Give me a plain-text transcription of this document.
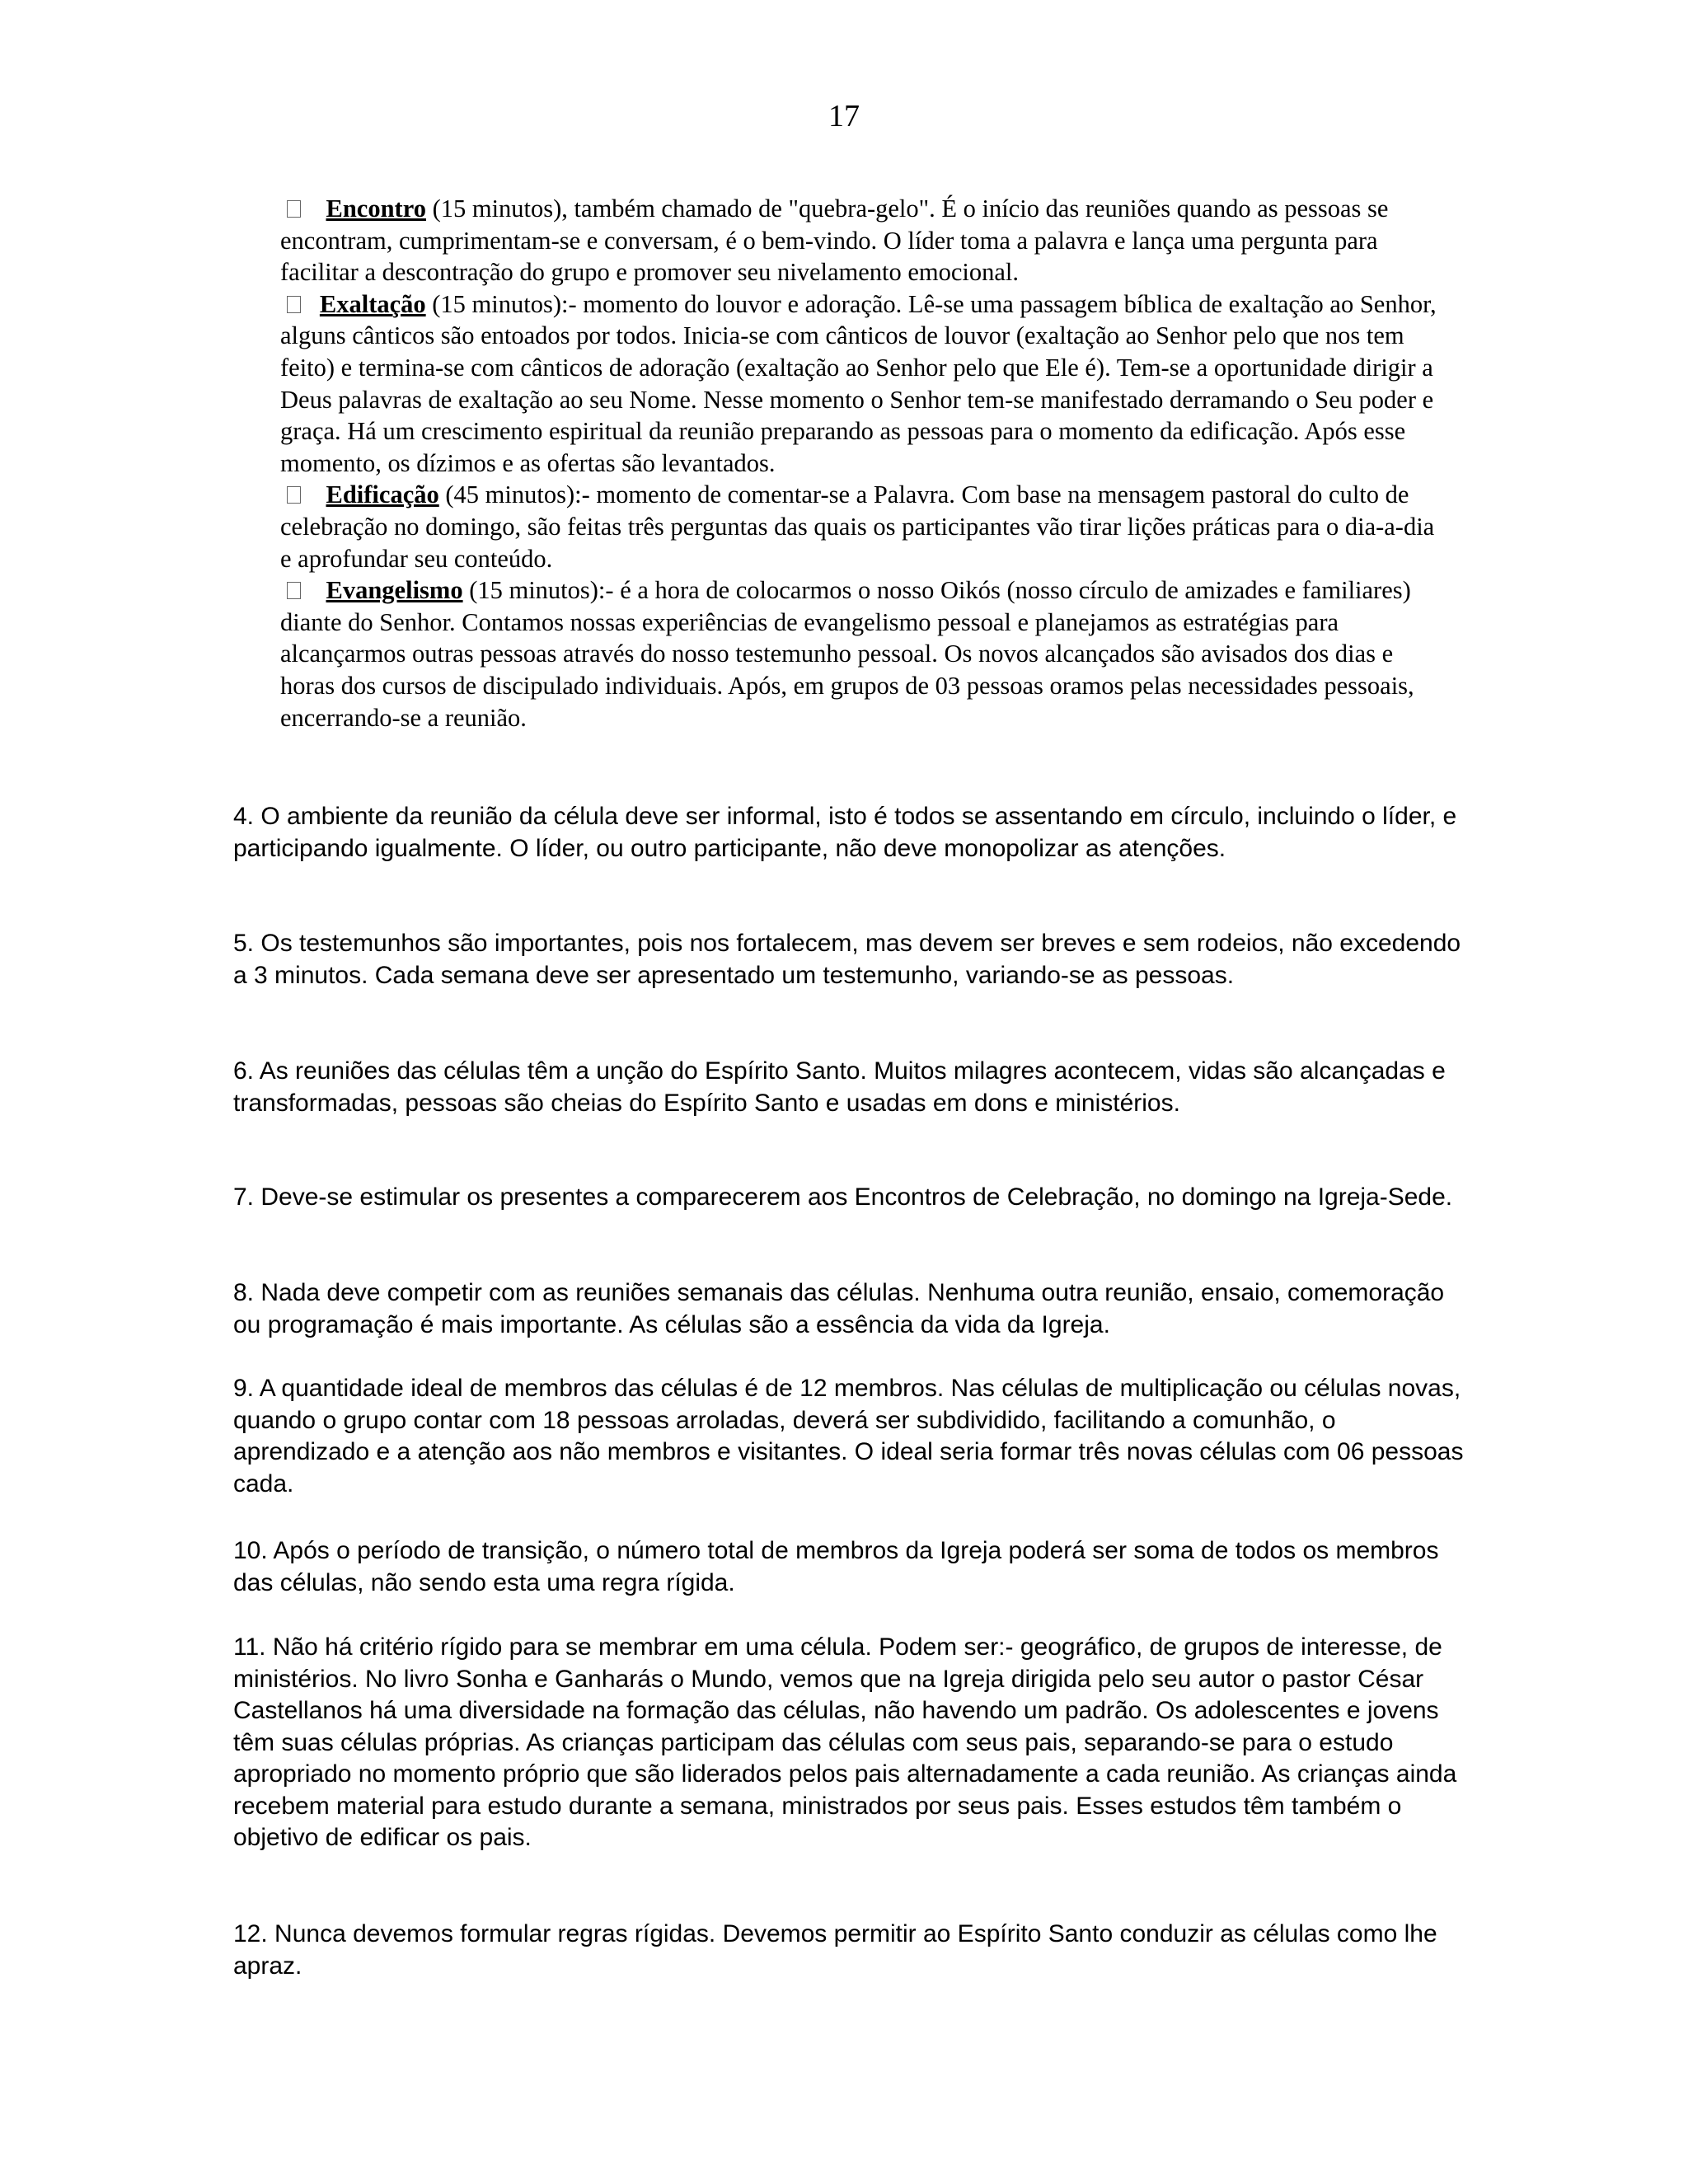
17

Encontro (15 minutos), também chamado de "quebra-gelo". É o início das reuniões quando as pessoas se encontram, cumprimentam-se e conversam, é o bem-vindo. O líder toma a palavra e lança uma pergunta para facilitar a descontração do grupo e promover seu nivelamento emocional.

Exaltação (15 minutos):- momento do louvor e adoração. Lê-se uma passagem bíblica de exaltação ao Senhor, alguns cânticos são entoados por todos. Inicia-se com cânticos de louvor (exaltação ao Senhor pelo que nos tem feito) e termina-se com cânticos de adoração (exaltação ao Senhor pelo que Ele é). Tem-se a oportunidade dirigir a Deus palavras de exaltação ao seu Nome. Nesse momento o Senhor tem-se manifestado derramando o Seu poder e graça. Há um crescimento espiritual da reunião preparando as pessoas para o momento da edificação. Após esse momento, os dízimos e as ofertas são levantados.

Edificação (45 minutos):- momento de comentar-se a Palavra. Com base na mensagem pastoral do culto de celebração no domingo, são feitas três perguntas das quais os participantes vão tirar lições práticas para o dia-a-dia e aprofundar seu conteúdo.

Evangelismo (15 minutos):- é a hora de colocarmos o nosso Oikós (nosso círculo de amizades e familiares) diante do Senhor. Contamos nossas experiências de evangelismo pessoal e planejamos as estratégias para alcançarmos outras pessoas através do nosso testemunho pessoal. Os novos alcançados são avisados dos dias e horas dos cursos de discipulado individuais. Após, em grupos de 03 pessoas oramos pelas necessidades pessoais, encerrando-se a reunião.

4. O ambiente da reunião da célula deve ser informal, isto é todos se assentando em círculo, incluindo o líder, e participando igualmente. O líder, ou outro participante, não deve monopolizar as atenções.

5. Os testemunhos são importantes, pois nos fortalecem, mas devem ser breves e sem rodeios, não excedendo a 3 minutos. Cada semana deve ser apresentado um testemunho, variando-se as pessoas.

6. As reuniões das células têm a unção do Espírito Santo. Muitos milagres acontecem, vidas são alcançadas e transformadas, pessoas são cheias do Espírito Santo e usadas em dons e ministérios.

7. Deve-se estimular os presentes a comparecerem aos Encontros de Celebração, no domingo na Igreja-Sede.

8. Nada deve competir com as reuniões semanais das células. Nenhuma outra reunião, ensaio, comemoração ou programação é mais importante. As células são a essência da vida da Igreja.

9. A quantidade ideal de membros das células é de 12 membros. Nas células de multiplicação ou células novas, quando o grupo contar com 18 pessoas arroladas, deverá ser subdividido, facilitando a comunhão, o aprendizado e a atenção aos não membros e visitantes. O ideal seria formar três novas células com 06 pessoas cada.

10. Após o período de transição, o número total de membros da Igreja poderá ser soma de todos os membros das células, não sendo esta uma regra rígida.

11. Não há critério rígido para se membrar em uma célula. Podem ser:- geográfico, de grupos de interesse, de ministérios. No livro Sonha e Ganharás o Mundo, vemos que na Igreja dirigida pelo seu autor o pastor César Castellanos há uma diversidade na formação das células, não havendo um padrão. Os adolescentes e jovens têm suas células próprias. As crianças participam das células com seus pais, separando-se para o estudo apropriado no momento próprio que são liderados pelos pais alternadamente a cada reunião. As crianças ainda recebem material para estudo durante a semana, ministrados por seus pais. Esses estudos têm também o objetivo de edificar os pais.

12. Nunca devemos formular regras rígidas. Devemos permitir ao Espírito Santo conduzir as células como lhe apraz.
